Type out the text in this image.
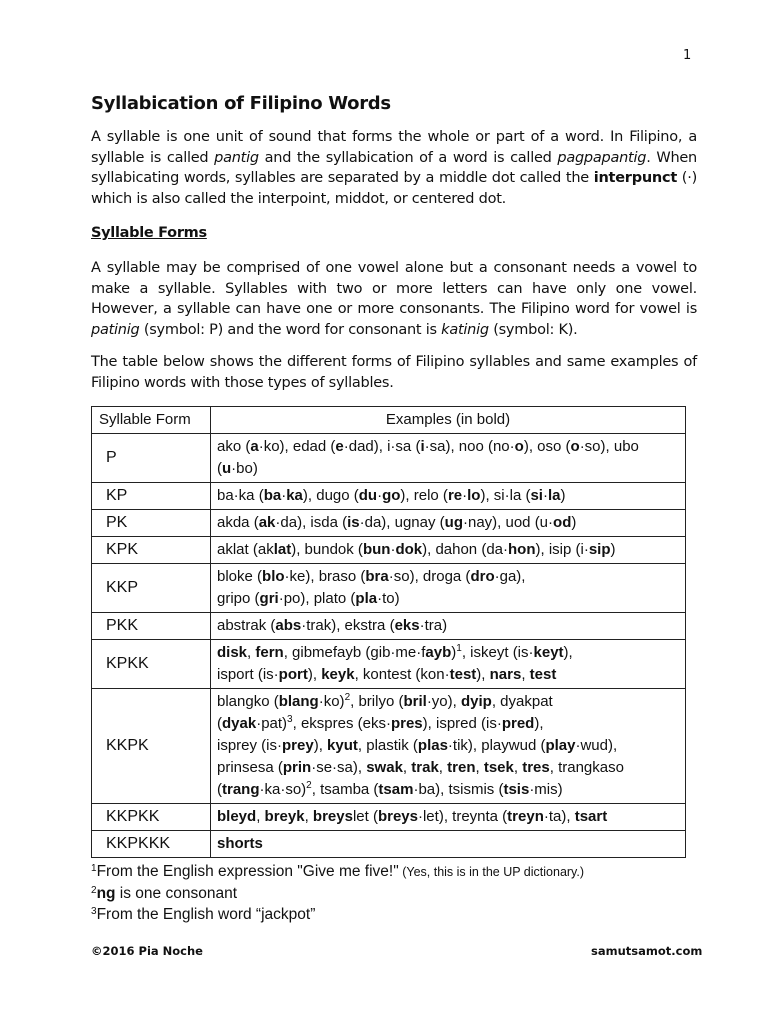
1
Syllabication of Filipino Words

A syllable is one unit of sound that forms the whole or part of a word. In Filipino, a syllable is called pantig and the syllabication of a word is called pagpapantig. When syllabicating words, syllables are separated by a middle dot called the interpunct (·) which is also called the interpoint, middot, or centered dot.

Syllable Forms

A syllable may be comprised of one vowel alone but a consonant needs a vowel to make a syllable. Syllables with two or more letters can have only one vowel. However, a syllable can have one or more consonants. The Filipino word for vowel is patinig (symbol: P) and the word for consonant is katinig (symbol: K).

The table below shows the different forms of Filipino syllables and same examples of Filipino words with those types of syllables.

Syllable Form	Examples (in bold)
P	ako (a·ko), edad (e·dad), i·sa (i·sa), noo (no·o), oso (o·so), ubo (u·bo)
KP	ba·ka (ba·ka), dugo (du·go), relo (re·lo), si·la (si·la)
PK	akda (ak·da), isda (is·da), ugnay (ug·nay), uod (u·od)
KPK	aklat (aklat), bundok (bun·dok), dahon (da·hon), isip (i·sip)
KKP	bloke (blo·ke), braso (bra·so), droga (dro·ga),
gripo (gri·po), plato (pla·to)
PKK	abstrak (abs·trak), ekstra (eks·tra)
KPKK	disk, fern, gibmefayb (gib·me·fayb)$^1$, iskeyt (is·keyt),
isport (is·port), keyk, kontest (kon·test), nars, test
KKPK	blangko (blang·ko)$^2$, brilyo (bril·yo), dyip, dyakpat
(dyak·pat)$^3$, ekspres (eks·pres), ispred (is·pred),
isprey (is·prey), kyut, plastik (plas·tik), playwud (play·wud),
prinsesa (prin·se·sa), swak, trak, tren, tsek, tres, trangkaso
(trang·ka·so)$^2$, tsamba (tsam·ba), tsismis (tsis·mis)
KKPKK	bleyd, breyk, breyslet (breys·let), treynta (treyn·ta), tsart
KKPKKK	shorts
$^1$From the English expression "Give me five!" (Yes, this is in the UP dictionary.)
$^2$ng is one consonant
$^3$From the English word “jackpot”
©2016 Pia Noche	samutsamot.com
